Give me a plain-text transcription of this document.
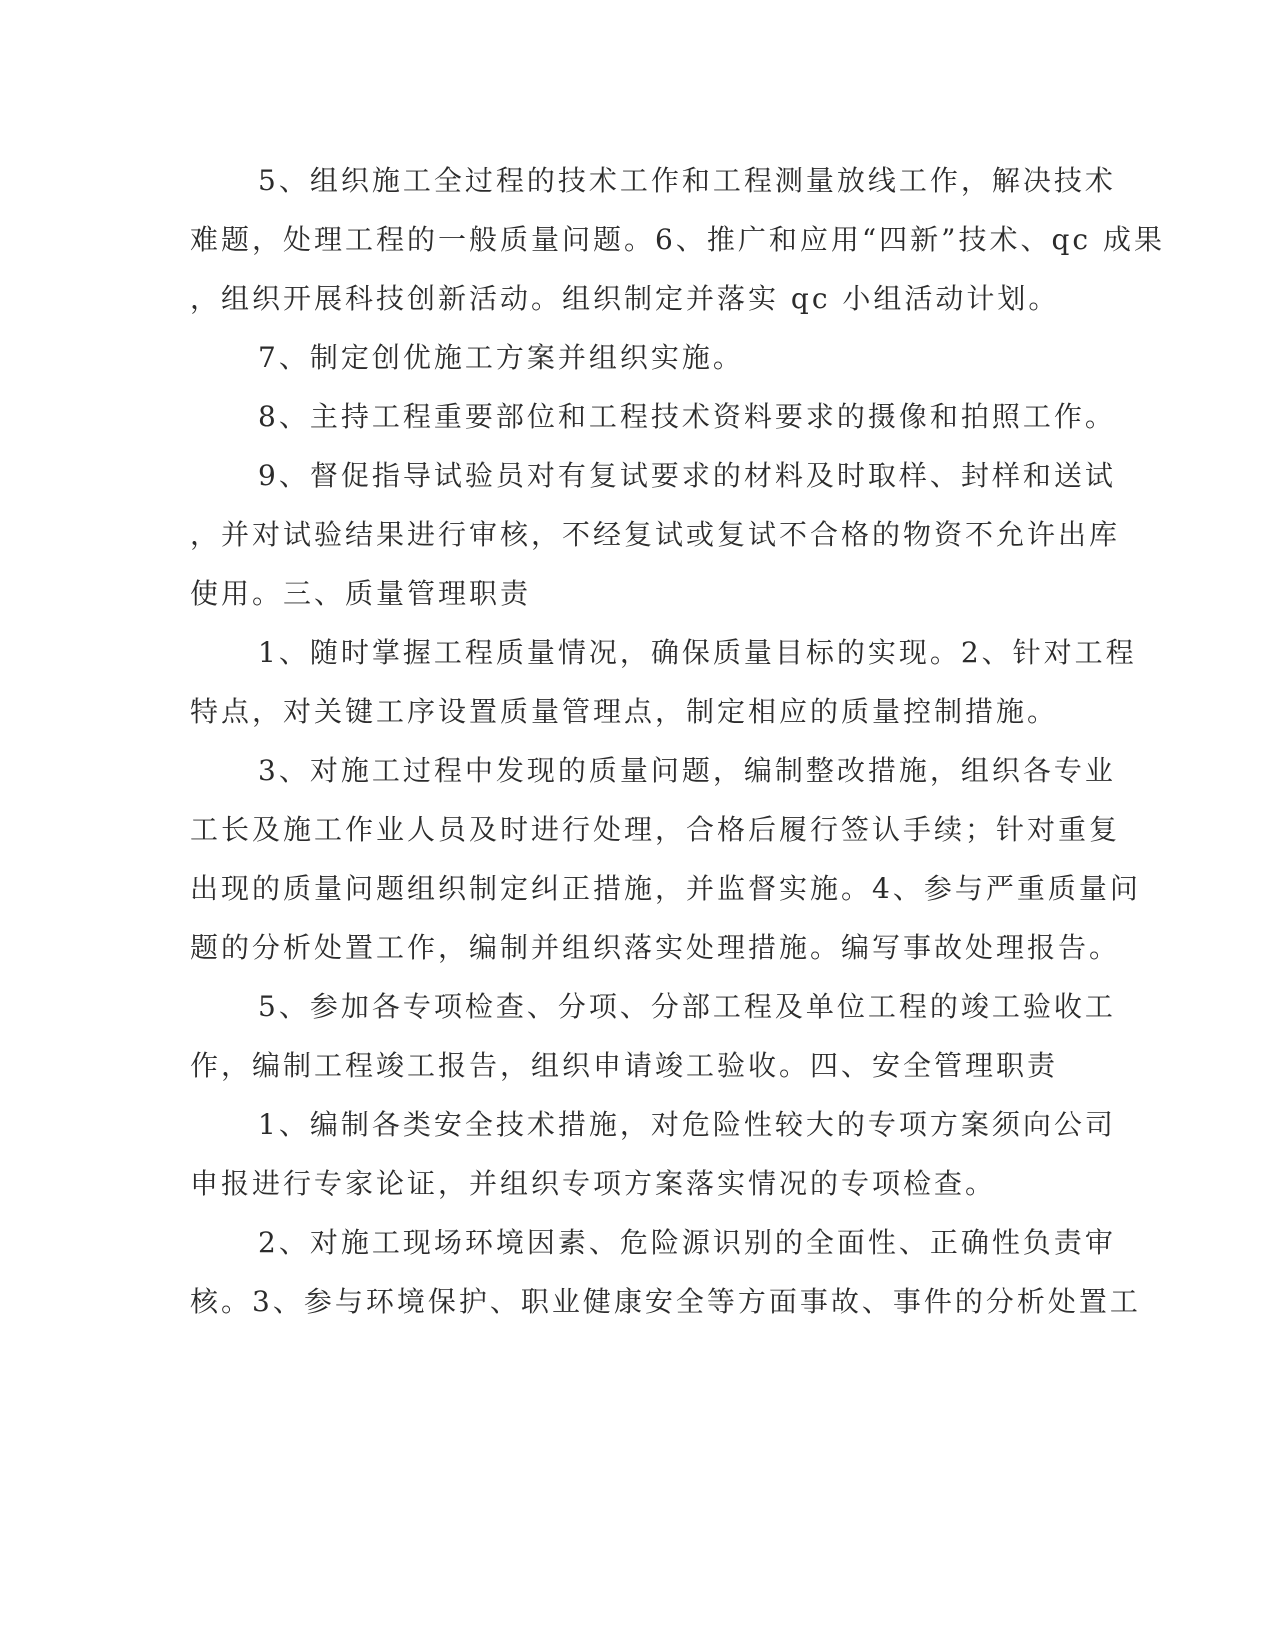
5、组织施工全过程的技术工作和工程测量放线工作，解决技术
难题，处理工程的一般质量问题。6、推广和应用“四新”技术、qc 成果
，组织开展科技创新活动。组织制定并落实 qc 小组活动计划。
7、制定创优施工方案并组织实施。
8、主持工程重要部位和工程技术资料要求的摄像和拍照工作。
9、督促指导试验员对有复试要求的材料及时取样、封样和送试
，并对试验结果进行审核，不经复试或复试不合格的物资不允许出库
使用。三、质量管理职责
1、随时掌握工程质量情况，确保质量目标的实现。2、针对工程
特点，对关键工序设置质量管理点，制定相应的质量控制措施。
3、对施工过程中发现的质量问题，编制整改措施，组织各专业
工长及施工作业人员及时进行处理，合格后履行签认手续；针对重复
出现的质量问题组织制定纠正措施，并监督实施。4、参与严重质量问
题的分析处置工作，编制并组织落实处理措施。编写事故处理报告。
5、参加各专项检查、分项、分部工程及单位工程的竣工验收工
作，编制工程竣工报告，组织申请竣工验收。四、安全管理职责
1、编制各类安全技术措施，对危险性较大的专项方案须向公司
申报进行专家论证，并组织专项方案落实情况的专项检查。
2、对施工现场环境因素、危险源识别的全面性、正确性负责审
核。3、参与环境保护、职业健康安全等方面事故、事件的分析处置工
